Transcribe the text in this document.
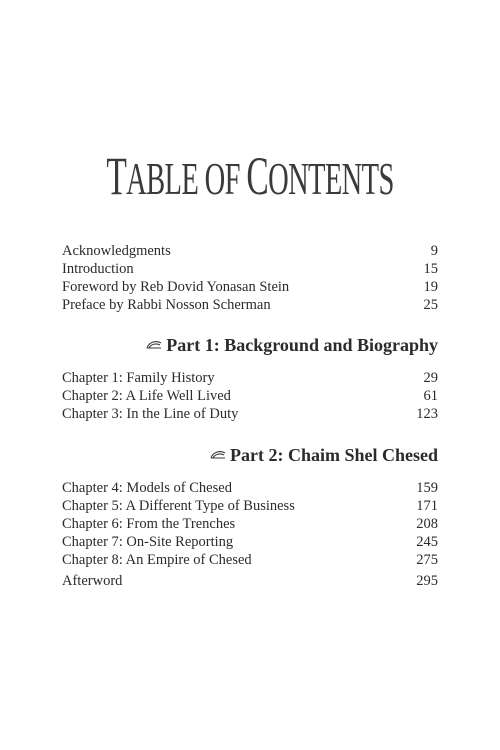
TABLE OF CONTENTS
Acknowledgments	9
Introduction	15
Foreword by Reb Dovid Yonasan Stein	19
Preface by Rabbi Nosson Scherman	25
Part 1: Background and Biography
Chapter 1: Family History	29
Chapter 2: A Life Well Lived	61
Chapter 3: In the Line of Duty	123
Part 2: Chaim Shel Chesed
Chapter 4: Models of Chesed	159
Chapter 5: A Different Type of Business	171
Chapter 6: From the Trenches	208
Chapter 7: On-Site Reporting	245
Chapter 8: An Empire of Chesed	275
Afterword	295
